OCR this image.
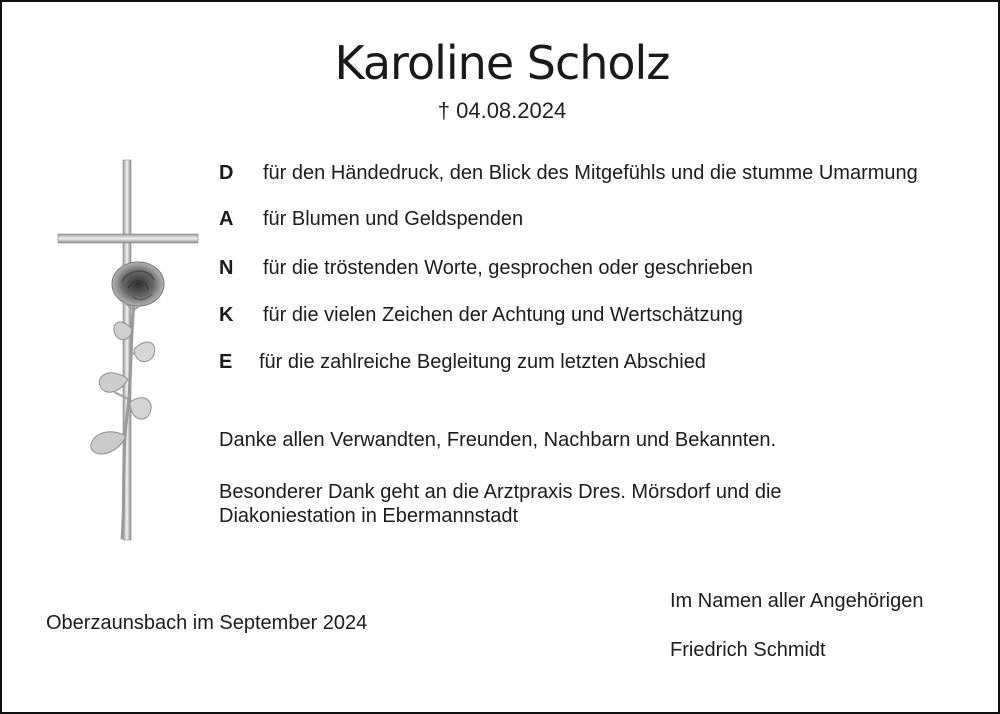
Karoline Scholz
† 04.08.2024
D für den Händedruck, den Blick des Mitgefühls und die stumme Umarmung
A für Blumen und Geldspenden
N für die tröstenden Worte, gesprochen oder geschrieben
K für die vielen Zeichen der Achtung und Wertschätzung
E für die zahlreiche Begleitung zum letzten Abschied
Danke allen Verwandten, Freunden, Nachbarn und Bekannten.
Besonderer Dank geht an die Arztpraxis Dres. Mörsdorf und die
Diakoniestation in Ebermannstadt
Oberzaunsbach im September 2024
Im Namen aller Angehörigen
Friedrich Schmidt
